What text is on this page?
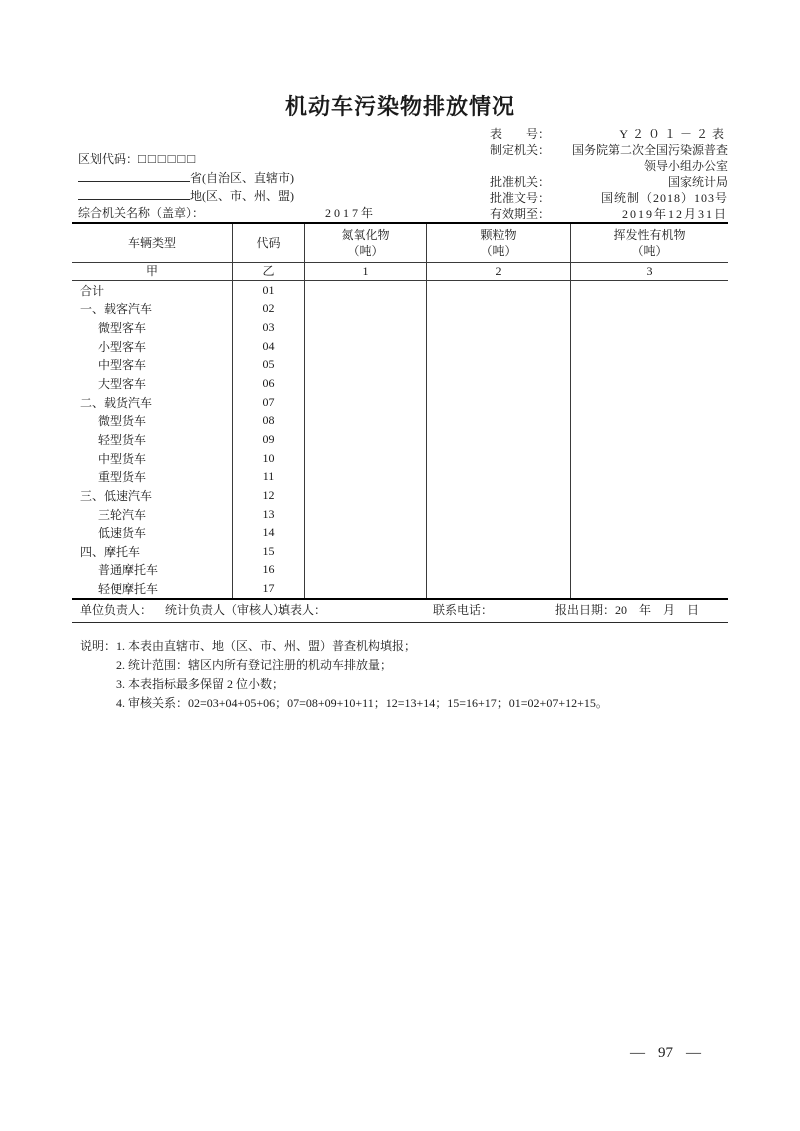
机动车污染物排放情况
表　　号：	Y２０１－２表
制定机关： 国务院第二次全国污染源普查
领导小组办公室
批准机关：	国家统计局
批准文号：	国统制（2018）103号
有效期至：	2019年12月31日
区划代码：□□□□□□
省(自治区、直辖市)
地(区、市、州、盟)
综合机关名称（盖章）：	2017年
车辆类型	代码
氮氧化物
（吨）
颗粒物
（吨）
挥发性有机物
（吨）
甲	乙	1	2	3
合计	01
一、载客汽车	02
微型客车	03
小型客车	04
中型客车	05
大型客车	06
二、载货汽车	07
微型货车	08
轻型货车	09
中型货车	10
重型货车	11
三、低速汽车	12
三轮汽车	13
低速货车	14
四、摩托车	15
普通摩托车	16
轻便摩托车	17
单位负责人： 统计负责人（审核人）：
填表人：	联系电话：	报出日期：20　年　月　日
说明： 1. 本表由直辖市、地（区、市、州、盟）普查机构填报；
2. 统计范围：辖区内所有登记注册的机动车排放量；
3. 本表指标最多保留 2 位小数；
4. 审核关系：02=03+04+05+06；07=08+09+10+11；12=13+14；15=16+17；01=02+07+12+15。
— 97 —
